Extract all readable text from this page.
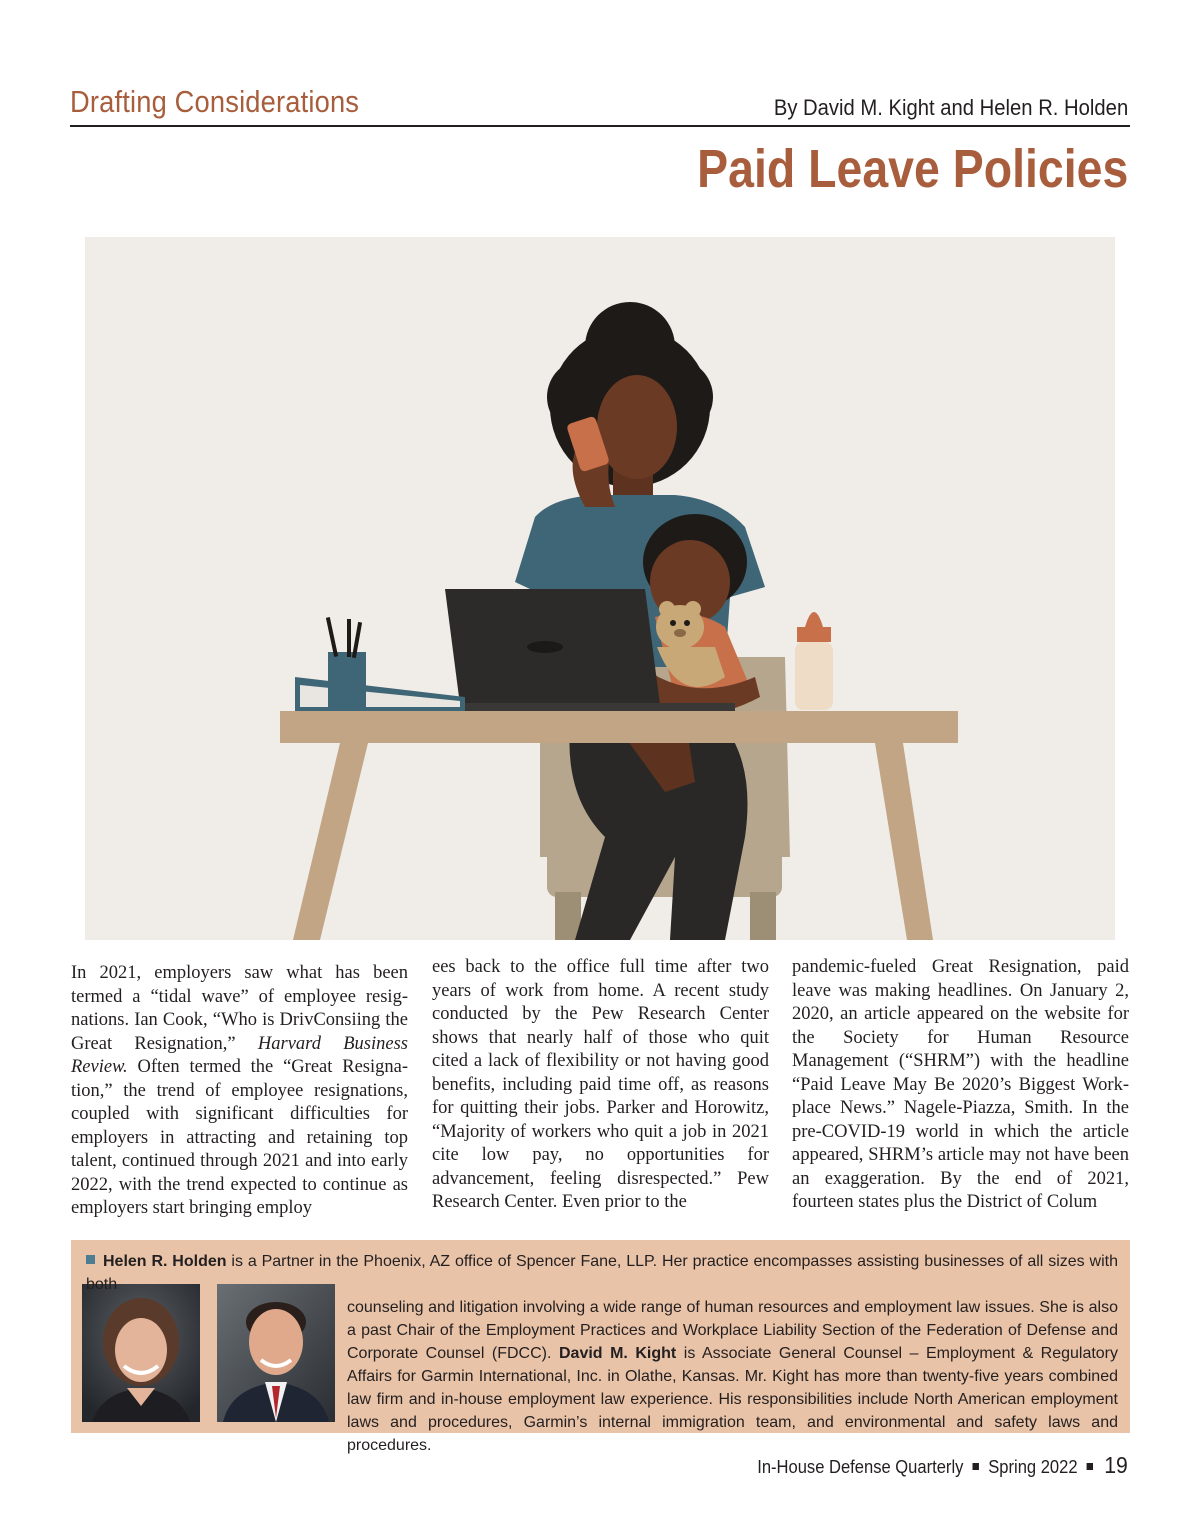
Drafting Considerations	By David M. Kight and Helen R. Holden
Paid Leave Policies

In 2021, employers saw what has been termed a “tidal wave” of employee resignations. Ian Cook, “Who is DrivConsiing the Great Resignation,” Harvard Business Review. Often termed the “Great Resignation,” the trend of employee resignations, coupled with significant difficulties for employers in attracting and retaining top talent, continued through 2021 and into early 2022, with the trend expected to continue as employers start bringing employ

ees back to the office full time after two years of work from home. A recent study conducted by the Pew Research Center shows that nearly half of those who quit cited a lack of flexibility or not having good benefits, including paid time off, as reasons for quitting their jobs. Parker and Horowitz, “Majority of workers who quit a job in 2021 cite low pay, no opportunities for advancement, feeling disrespected.” Pew Research Center. Even prior to the

pandemic-fueled Great Resignation, paid leave was making headlines. On January 2, 2020, an article appeared on the website for the Society for Human Resource Management (“SHRM”) with the headline “Paid Leave May Be 2020’s Biggest Workplace News.” Nagele-Piazza, Smith. In the pre-COVID-19 world in which the article appeared, SHRM’s article may not have been an exaggeration. By the end of 2021, fourteen states plus the District of Colum

Helen R. Holden is a Partner in the Phoenix, AZ office of Spencer Fane, LLP. Her practice encompasses assisting businesses of all sizes with both

counseling and litigation involving a wide range of human resources and employment law issues. She is also a past Chair of the Employment Practices and Workplace Liability Section of the Federation of Defense and Corporate Counsel (FDCC). David M. Kight is Associate General Counsel – Employment & Regulatory Affairs for Garmin International, Inc. in Olathe, Kansas. Mr. Kight has more than twenty-five years combined law firm and in-house employment law experience. His responsibilities include North American employment laws and procedures, Garmin’s internal immigration team, and environmental and safety laws and procedures.

In-House Defense Quarterly Spring 2022 19
